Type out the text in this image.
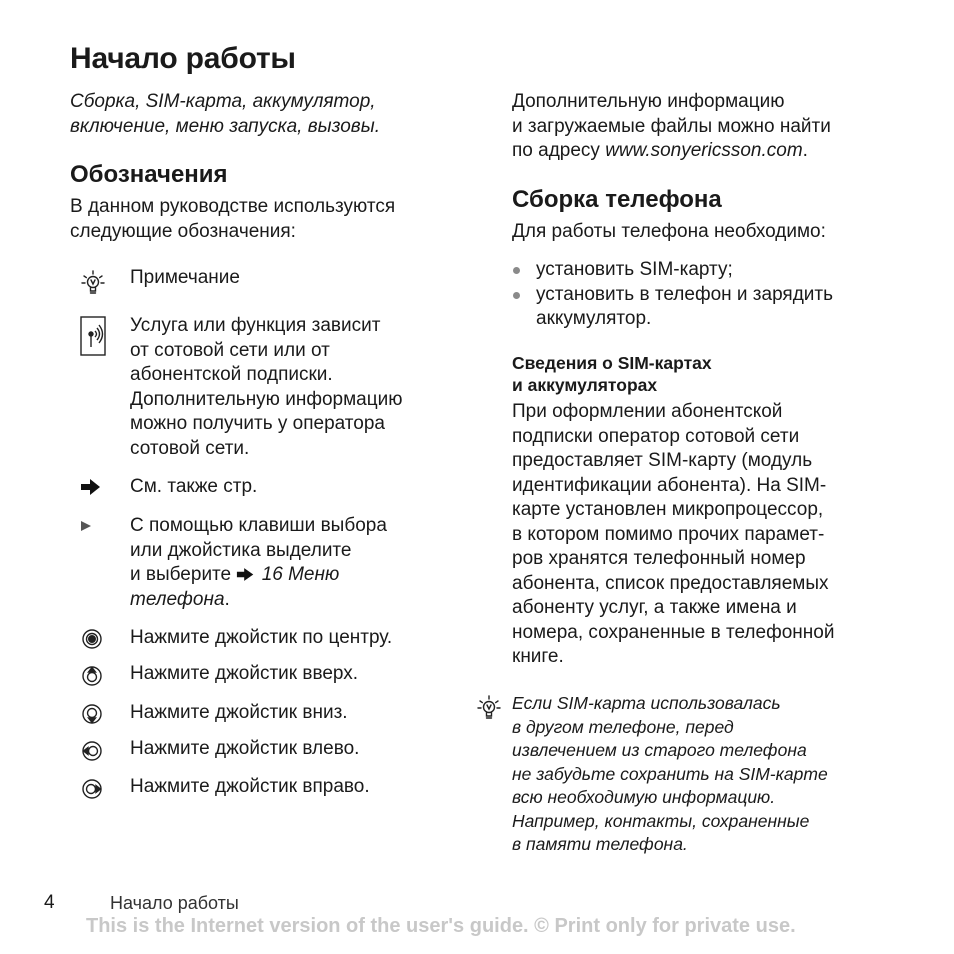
Начало работы
Сборка, SIM-карта, аккумулятор,
включение, меню запуска, вызовы.
Обозначения
В данном руководстве используются
следующие обозначения:
Примечание
Услуга или функция зависит
от сотовой сети или от
абонентской подписки.
Дополнительную информацию
можно получить у оператора
сотовой сети.
См. также стр.
С помощью клавиши выбора
или джойстика выделите
и выберите 16 Меню
телефона.
Нажмите джойстик по центру.
Нажмите джойстик вверх.
Нажмите джойстик вниз.
Нажмите джойстик влево.
Нажмите джойстик вправо.
Дополнительную информацию
и загружаемые файлы можно найти
по адресу www.sonyericsson.com.
Сборка телефона
Для работы телефона необходимо:
установить SIM-карту;
установить в телефон и зарядить
аккумулятор.
Сведения о SIM-картах
и аккумуляторах
При оформлении абонентской
подписки оператор сотовой сети
предоставляет SIM-карту (модуль
идентификации абонента). На SIM-
карте установлен микропроцессор,
в котором помимо прочих парамет-
ров хранятся телефонный номер
абонента, список предоставляемых
абоненту услуг, а также имена и
номера, сохраненные в телефонной
книге.
Если SIM-карта использовалась
в другом телефоне, перед
извлечением из старого телефона
не забудьте сохранить на SIM-карте
всю необходимую информацию.
Например, контакты, сохраненные
в памяти телефона.
4	Начало работы
This is the Internet version of the user's guide. © Print only for private use.
